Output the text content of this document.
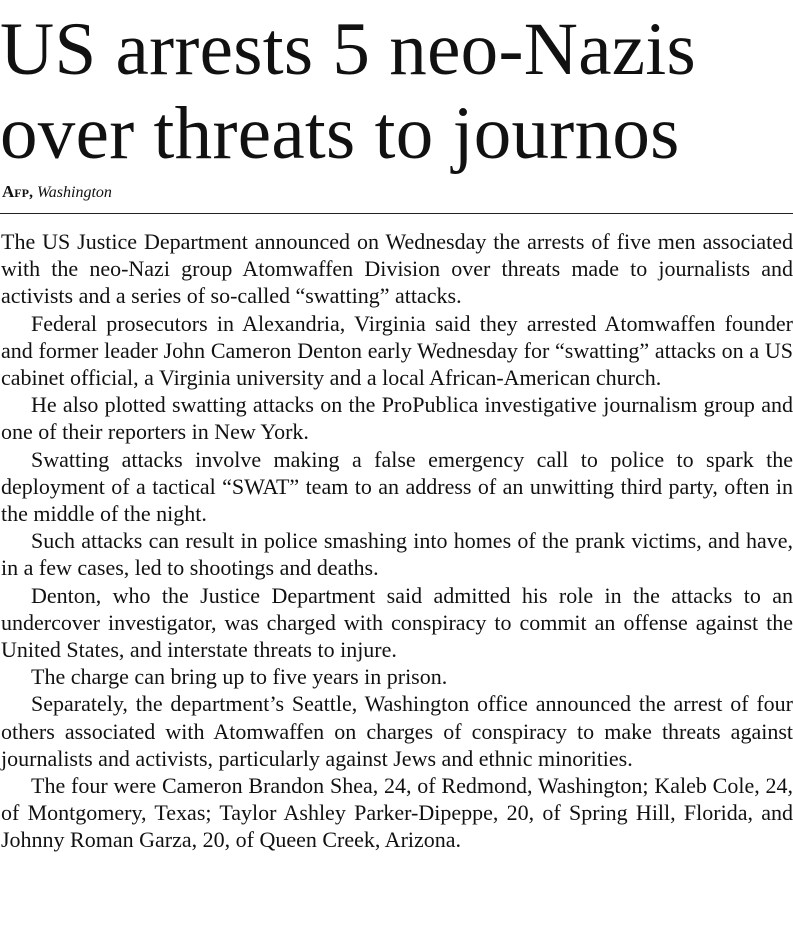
US arrests 5 neo-Nazis
over threats to journos
Afp, Washington

The US Justice Department announced on Wednesday the arrests of five men associated with the neo-Nazi group Atomwaffen Division over threats made to journalists and activists and a series of so-called “swatting” attacks.

Federal prosecutors in Alexandria, Virginia said they arrested Atomwaffen founder and former leader John Cameron Denton early Wednesday for “swatting” attacks on a US cabinet official, a Virginia university and a local African-American church.

He also plotted swatting attacks on the ProPublica investigative journalism group and one of their reporters in New York.

Swatting attacks involve making a false emergency call to police to spark the deployment of a tactical “SWAT” team to an address of an unwitting third party, often in the middle of the night.

Such attacks can result in police smashing into homes of the prank victims, and have, in a few cases, led to shootings and deaths.

Denton, who the Justice Department said admitted his role in the attacks to an undercover investigator, was charged with conspiracy to commit an offense against the United States, and interstate threats to injure.

The charge can bring up to five years in prison.

Separately, the department’s Seattle, Washington office announced the arrest of four others associated with Atomwaffen on charges of conspiracy to make threats against journalists and activists, particularly against Jews and ethnic minorities.

The four were Cameron Brandon Shea, 24, of Redmond, Washington; Kaleb Cole, 24, of Montgomery, Texas; Taylor Ashley Parker-Dipeppe, 20, of Spring Hill, Florida, and Johnny Roman Garza, 20, of Queen Creek, Arizona.
